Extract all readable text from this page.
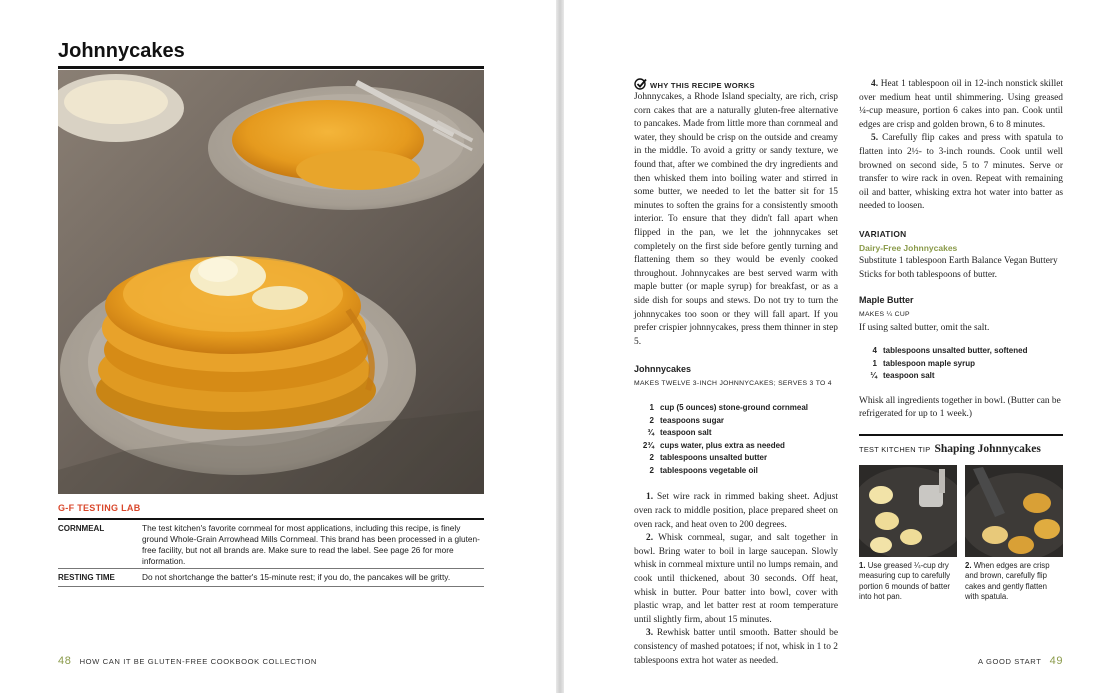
Johnnycakes
G-F TESTING LAB
CORNMEAL	The test kitchen's favorite cornmeal for most applications, including this recipe, is finely ground Whole-Grain Arrowhead Mills Cornmeal. This brand has been processed in a gluten-free facility, but not all brands are. Make sure to read the label. See page 26 for more information.
RESTING TIME	Do not shortchange the batter's 15-minute rest; if you do, the pancakes will be gritty.
48 HOW CAN IT BE GLUTEN-FREE COOKBOOK COLLECTION
WHY THIS RECIPE WORKS

Johnnycakes, a Rhode Island specialty, are rich, crisp corn cakes that are a naturally gluten-free alternative to pancakes. Made from little more than cornmeal and water, they should be crisp on the outside and creamy in the middle. To avoid a gritty or sandy texture, we found that, after we combined the dry ingredients and then whisked them into boiling water and stirred in some butter, we needed to let the batter sit for 15 minutes to soften the grains for a consistently smooth interior. To ensure that they didn't fall apart when flipped in the pan, we let the johnnycakes set completely on the first side before gently turning and flattening them so they would be evenly cooked throughout. Johnnycakes are best served warm with maple butter (or maple syrup) for breakfast, or as a side dish for soups and stews. Do not try to turn the johnnycakes too soon or they will fall apart. If you prefer crispier johnnycakes, press them thinner in step 5.

Johnnycakes
MAKES TWELVE 3-INCH JOHNNYCAKES; SERVES 3 TO 4
1 cup (5 ounces) stone-ground cornmeal
2 teaspoons sugar
¾ teaspoon salt
2¾ cups water, plus extra as needed
2 tablespoons unsalted butter
2 tablespoons vegetable oil

1. Set wire rack in rimmed baking sheet. Adjust oven rack to middle position, place prepared sheet on oven rack, and heat oven to 200 degrees.

2. Whisk cornmeal, sugar, and salt together in bowl. Bring water to boil in large saucepan. Slowly whisk in cornmeal mixture until no lumps remain, and cook until thickened, about 30 seconds. Off heat, whisk in butter. Pour batter into bowl, cover with plastic wrap, and let batter rest at room temperature until slightly firm, about 15 minutes.

3. Rewhisk batter until smooth. Batter should be consistency of mashed potatoes; if not, whisk in 1 to 2 tablespoons extra hot water as needed.

4. Heat 1 tablespoon oil in 12-inch nonstick skillet over medium heat until shimmering. Using greased ¼-cup measure, portion 6 cakes into pan. Cook until edges are crisp and golden brown, 6 to 8 minutes.

5. Carefully flip cakes and press with spatula to flatten into 2½- to 3-inch rounds. Cook until well browned on second side, 5 to 7 minutes. Serve or transfer to wire rack in oven. Repeat with remaining oil and batter, whisking extra hot water into batter as needed to loosen.

VARIATION
Dairy-Free Johnnycakes

Substitute 1 tablespoon Earth Balance Vegan Buttery Sticks for both tablespoons of butter.

Maple Butter
MAKES ¼ CUP

If using salted butter, omit the salt.

4 tablespoons unsalted butter, softened
1 tablespoon maple syrup
¼ teaspoon salt

Whisk all ingredients together in bowl. (Butter can be refrigerated for up to 1 week.)

TEST KITCHEN TIP Shaping Johnnycakes
1. Use greased ¼-cup dry measuring cup to carefully portion 6 mounds of batter into hot pan.
2. When edges are crisp and brown, carefully flip cakes and gently flatten with spatula.
A GOOD START 49
